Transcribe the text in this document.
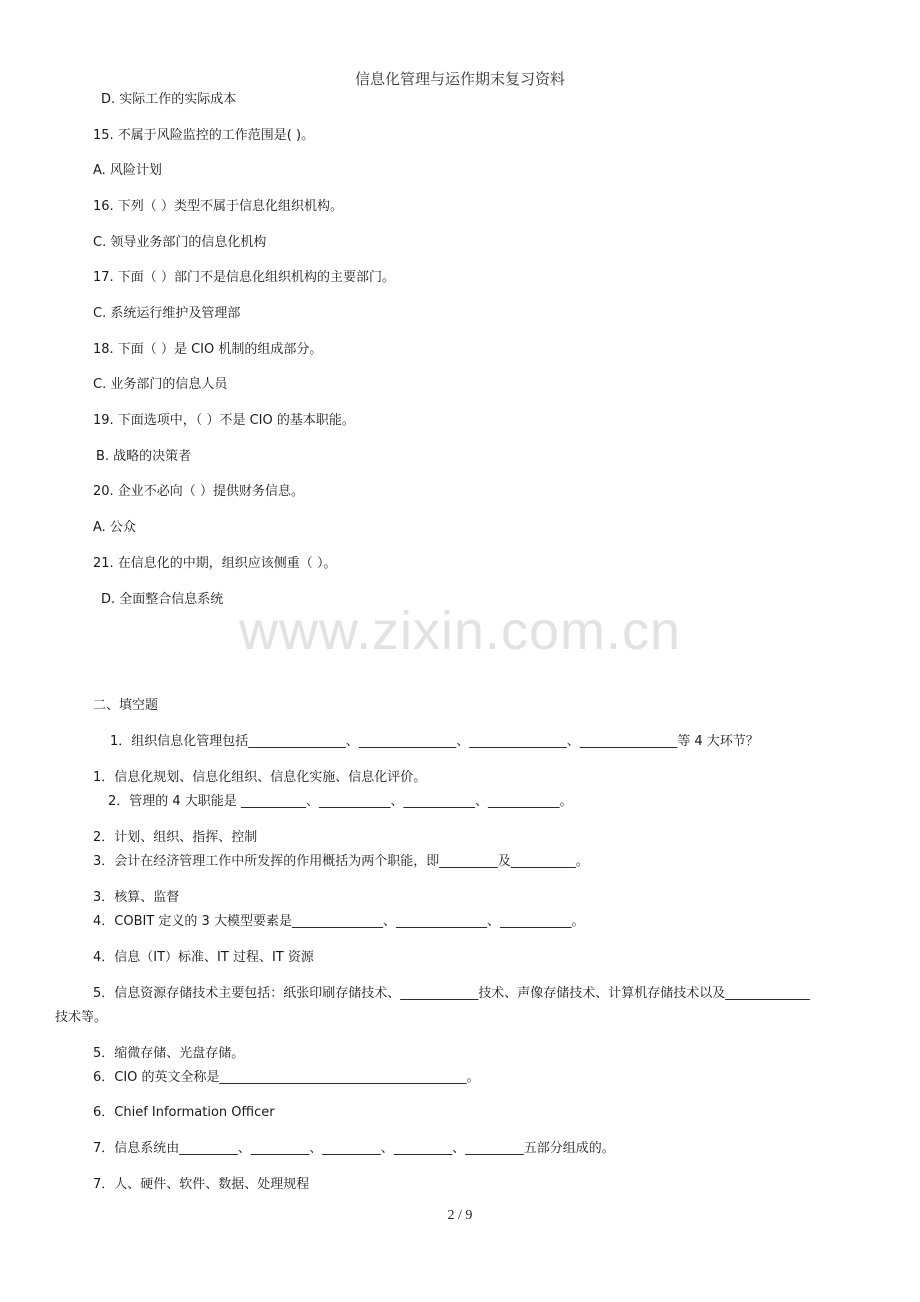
信息化管理与运作期末复习资料
www.zixin.com.cn
D. 实际工作的实际成本
15. 不属于风险监控的工作范围是( )。
A. 风险计划
16. 下列（ ）类型不属于信息化组织机构。
C. 领导业务部门的信息化机构
17. 下面（ ）部门不是信息化组织机构的主要部门。
C. 系统运行维护及管理部
18. 下面（ ）是 CIO 机制的组成部分。
C. 业务部门的信息人员
19. 下面选项中，（ ）不是 CIO 的基本职能。
B. 战略的决策者
20. 企业不必向（ ）提供财务信息。
A. 公众
21. 在信息化的中期，组织应该侧重（ ）。
D. 全面整合信息系统
二、填空题
1．组织信息化管理包括_______________、_______________、_______________、_______________等 4 大环节？
1．信息化规划、信息化组织、信息化实施、信息化评价。
2．管理的 4 大职能是 __________、___________、___________、___________。
2．计划、组织、指挥、控制
3．会计在经济管理工作中所发挥的作用概括为两个职能，即_________及__________。
3．核算、监督
4．COBIT 定义的 3 大模型要素是______________、______________、___________。
4．信息（IT）标准、IT 过程、IT 资源
5．信息资源存储技术主要包括：纸张印刷存储技术、____________技术、声像存储技术、计算机存储技术以及_____________
技术等。
5．缩微存储、光盘存储。
6．CIO 的英文全称是______________________________________。
6．Chief Information Officer
7．信息系统由_________、_________、_________、_________、_________五部分组成的。
7．人、硬件、软件、数据、处理规程
2 / 9
